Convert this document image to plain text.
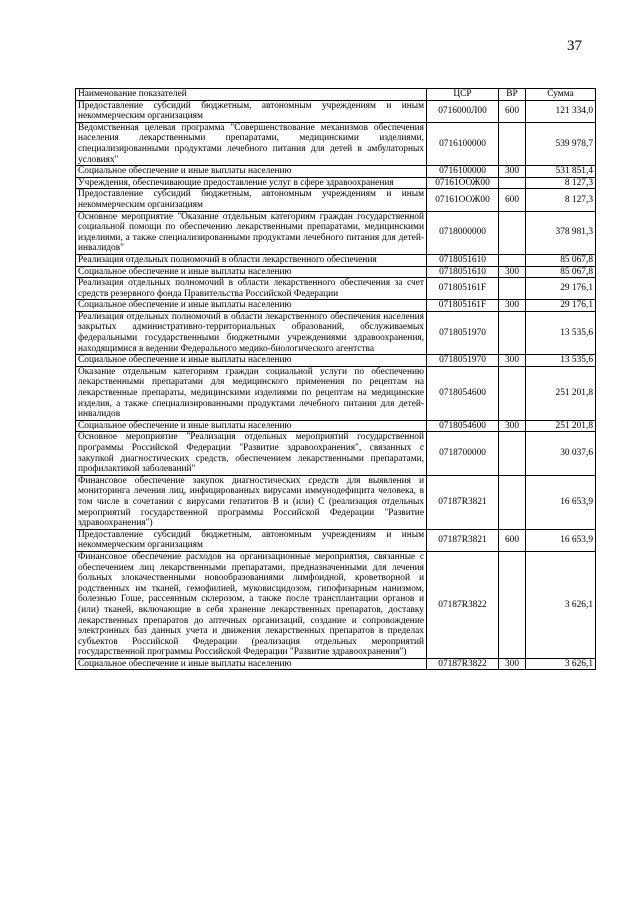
37
Наименование показателей	ЦСР	ВР	Сумма
Предоставление субсидий бюджетным, автономным учреждениям и иным некоммерческим организациям	0716000Л00	600	121 334,0
Ведомственная целевая программа "Совершенствование механизмов обеспечения населения лекарственными препаратами, медицинскими изделиями, специализированными продуктами лечебного питания для детей в амбулаторных условиях"	0716100000		539 978,7
Социальное обеспечение и иные выплаты населению	0716100000	300	531 851,4
Учреждения, обеспечивающие предоставление услуг в сфере здравоохранения	07161ООЖ00		8 127,3
Предоставление субсидий бюджетным, автономным учреждениям и иным некоммерческим организациям	07161ООЖ00	600	8 127,3
Основное мероприятие "Оказание отдельным категориям граждан государственной социальной помощи по обеспечению лекарственными препаратами, медицинскими изделиями, а также специализированными продуктами лечебного питания для детей-инвалидов"	0718000000		378 981,3
Реализация отдельных полномочий в области лекарственного обеспечения	0718051610		85 067,8
Социальное обеспечение и иные выплаты населению	0718051610	300	85 067,8
Реализация отдельных полномочий в области лекарственного обеспечения за счет средств резервного фонда Правительства Российской Федерации	071805161F		29 176,1
Социальное обеспечение и иные выплаты населению	071805161F	300	29 176,1
Реализация отдельных полномочий в области лекарственного обеспечения населения закрытых административно-территориальных образований, обслуживаемых федеральными государственными бюджетными учреждениями здравоохранения, находящимися в ведении Федерального медико-биологического агентства	0718051970		13 535,6
Социальное обеспечение и иные выплаты населению	0718051970	300	13 535,6
Оказание отдельным категориям граждан социальной услуги по обеспечению лекарственными препаратами для медицинского применения по рецептам на лекарственные препараты, медицинскими изделиями по рецептам на медицинские изделия, а также специализированными продуктами лечебного питания для детей-инвалидов	0718054600		251 201,8
Социальное обеспечение и иные выплаты населению	0718054600	300	251 201,8
Основное мероприятие "Реализация отдельных мероприятий государственной программы Российской Федерации "Развитие здравоохранения", связанных с закупкой диагностических средств, обеспечением лекарственными препаратами, профилактикой заболеваний"	0718700000		30 037,6
Финансовое обеспечение закупок диагностических средств для выявления и мониторинга лечения лиц, инфицированных вирусами иммунодефицита человека, в том числе в сочетании с вирусами гепатитов В и (или) С (реализация отдельных мероприятий государственной программы Российской Федерации "Развитие здравоохранения")	07187R3821		16 653,9
Предоставление субсидий бюджетным, автономным учреждениям и иным некоммерческим организациям	07187R3821	600	16 653,9
Финансовое обеспечение расходов на организационные мероприятия, связанные с обеспечением лиц лекарственными препаратами, предназначенными для лечения больных злокачественными новообразованиями лимфоидной, кроветворной и родственных им тканей, гемофилией, муковисцидозом, гипофизарным нанизмом, болезнью Гоше, рассеянным склерозом, а также после трансплантации органов и (или) тканей, включающие в себя хранение лекарственных препаратов, доставку лекарственных препаратов до аптечных организаций, создание и сопровождение электронных баз данных учета и движения лекарственных препаратов в пределах субъектов Российской Федерации (реализация отдельных мероприятий государственной программы Российской Федерации "Развитие здравоохранения")	07187R3822		3 626,1
Социальное обеспечение и иные выплаты населению	07187R3822	300	3 626,1
